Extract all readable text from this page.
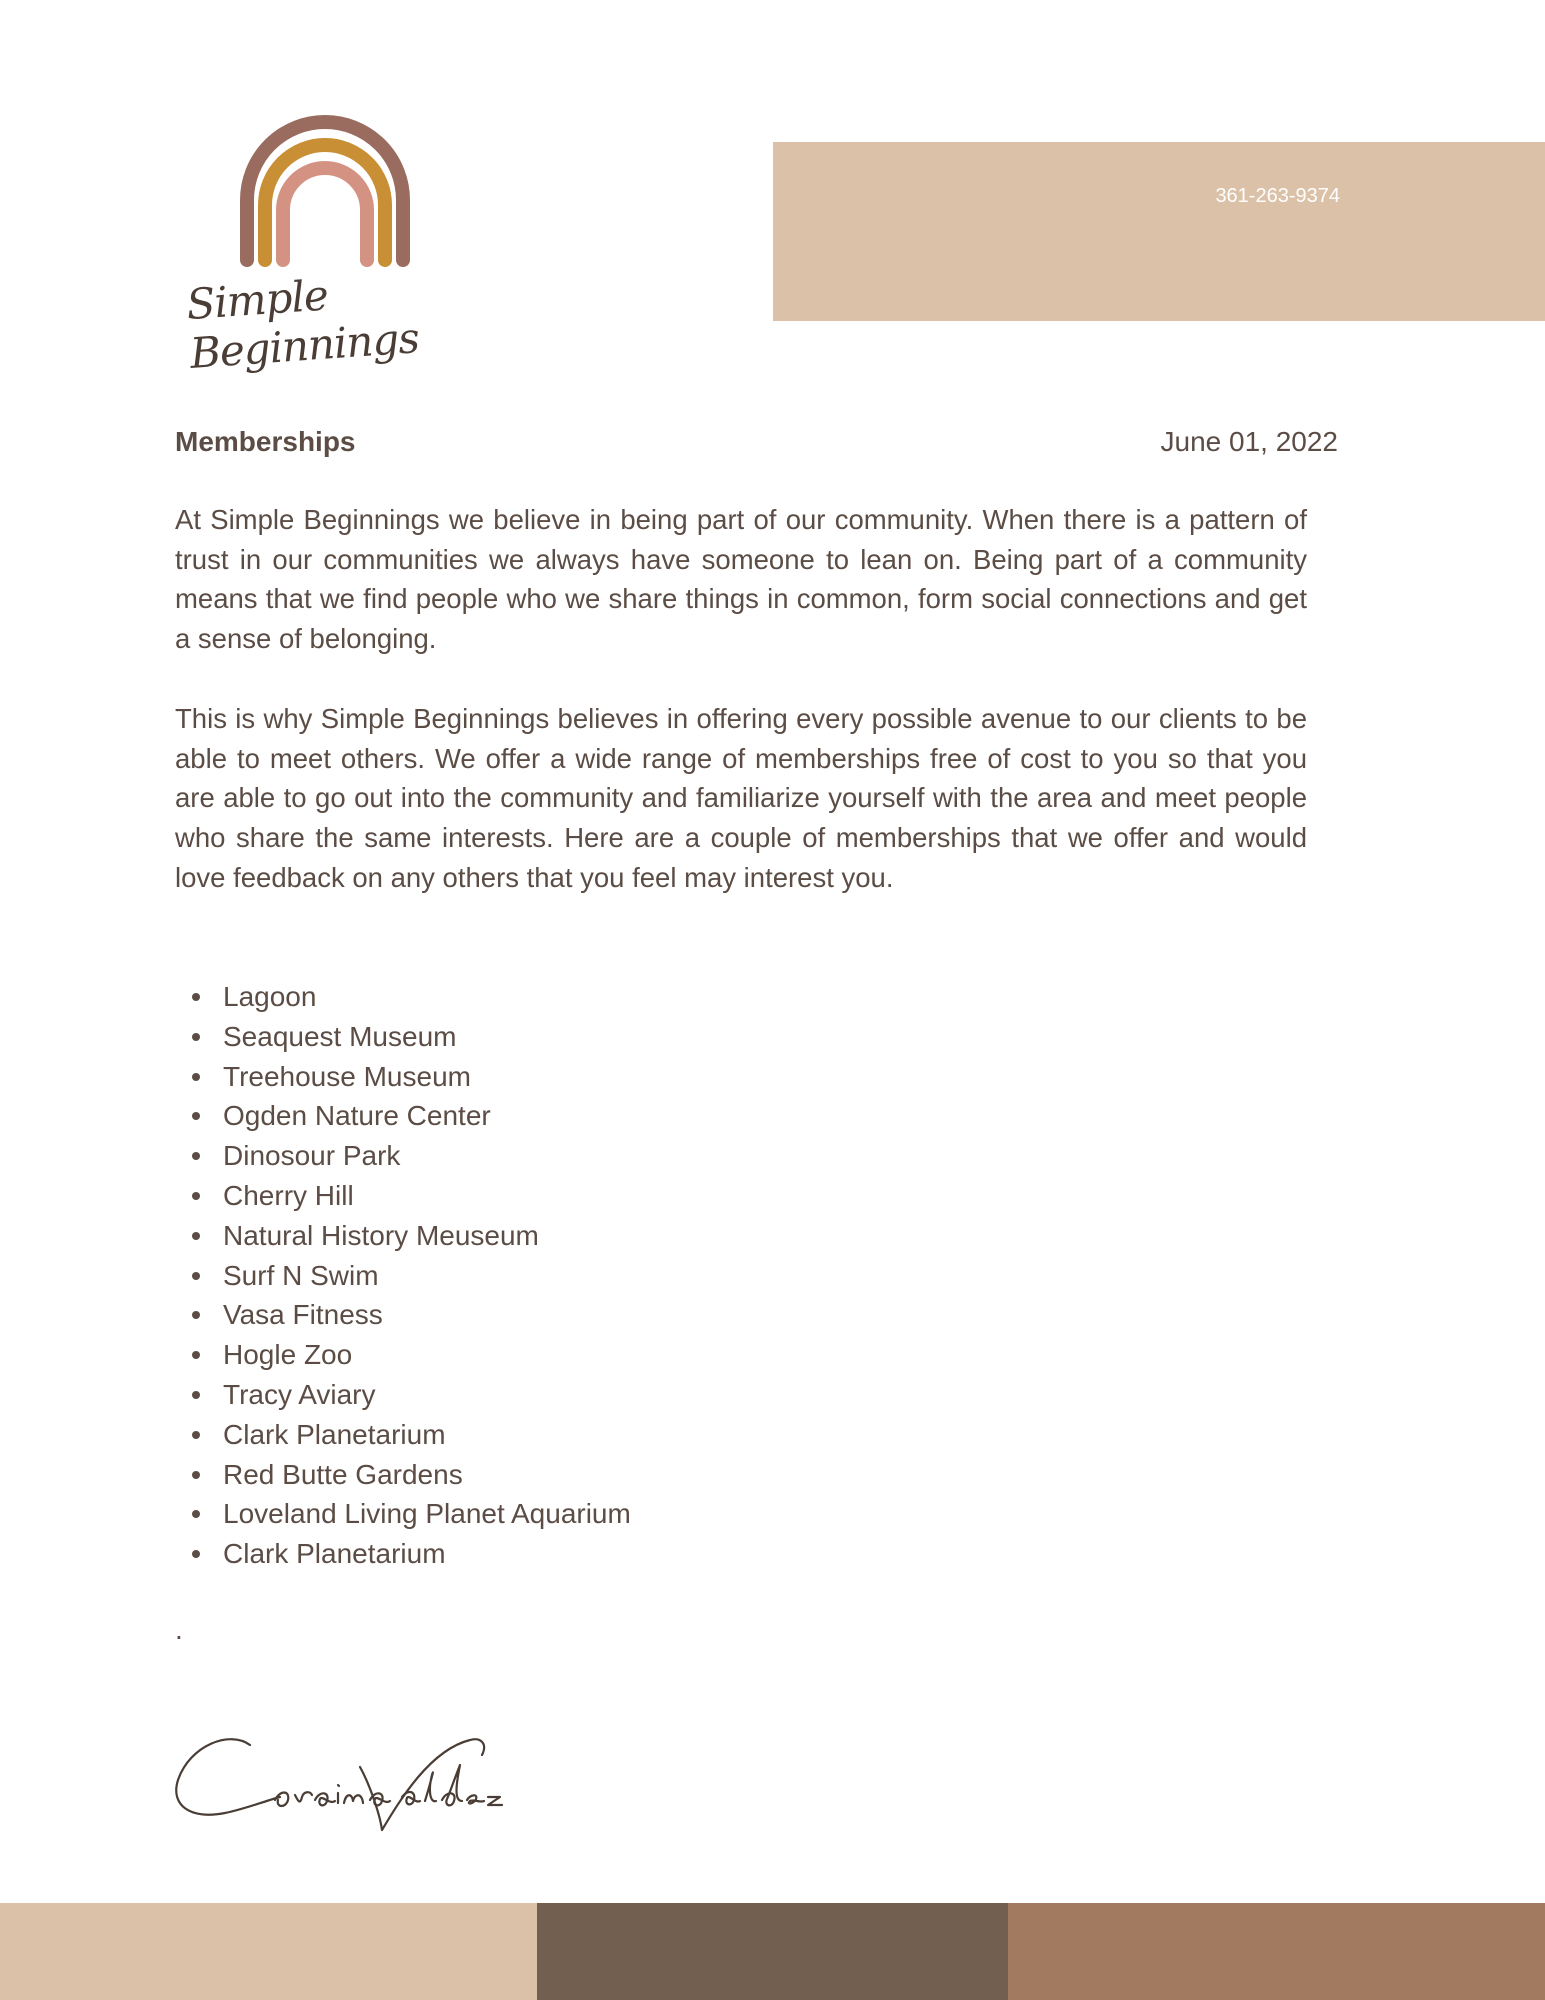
Simple Beginnings
361-263-9374
Memberships	June 01, 2022

At Simple Beginnings we believe in being part of our community. When there is a pattern of trust in our communities we always have someone to lean on. Being part of a community means that we find people who we share things in common, form social connections and get a sense of belonging.

This is why Simple Beginnings believes in offering every possible avenue to our clients to be able to meet others. We offer a wide range of memberships free of cost to you so that you are able to go out into the community and familiarize yourself with the area and meet people who share the same interests. Here are a couple of memberships that we offer and would love feedback on any others that you feel may interest you.

Lagoon
Seaquest Museum
Treehouse Museum
Ogden Nature Center
Dinosour Park
Cherry Hill
Natural History Meuseum
Surf N Swim
Vasa Fitness
Hogle Zoo
Tracy Aviary
Clark Planetarium
Red Butte Gardens
Loveland Living Planet Aquarium
Clark Planetarium
.
